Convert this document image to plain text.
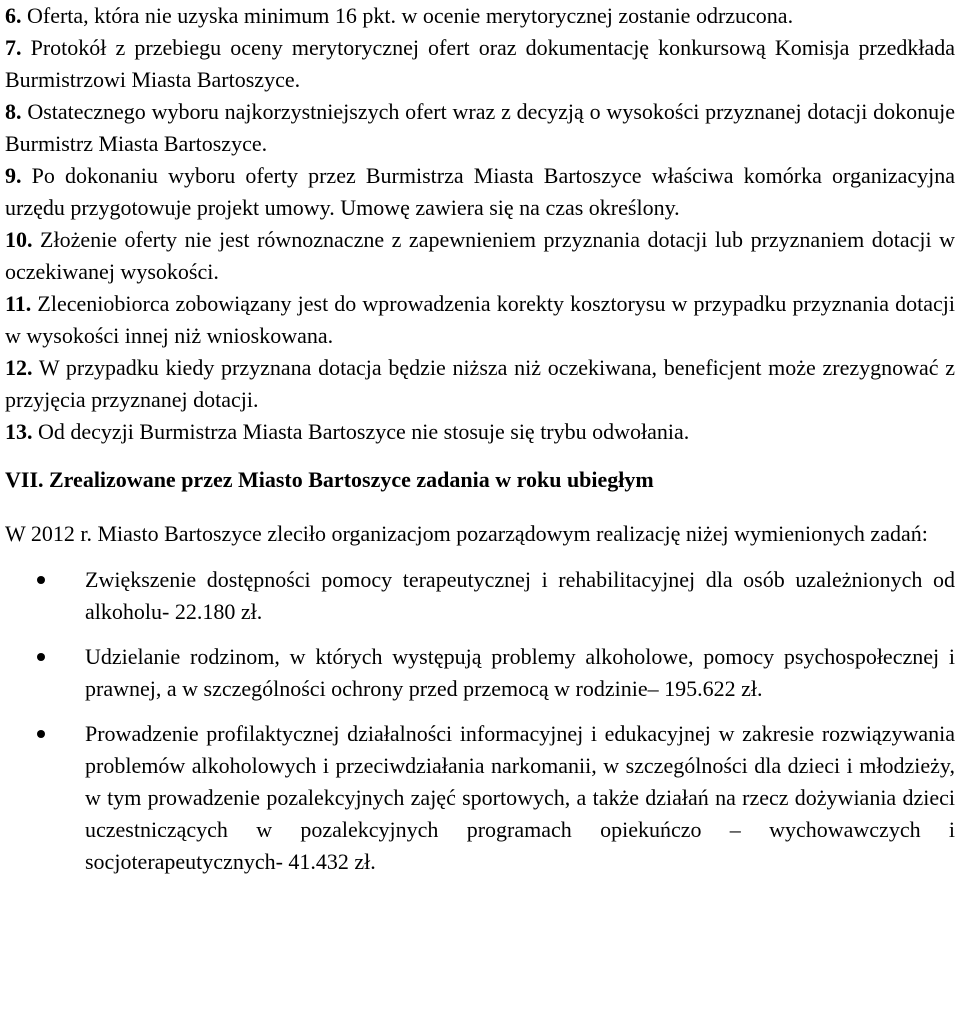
6. Oferta, która nie uzyska minimum 16 pkt. w ocenie merytorycznej zostanie odrzucona.

7. Protokół z przebiegu oceny merytorycznej ofert oraz dokumentację konkursową Komisja przedkłada Burmistrzowi Miasta Bartoszyce.

8. Ostatecznego wyboru najkorzystniejszych ofert wraz z decyzją o wysokości przyznanej dotacji dokonuje Burmistrz Miasta Bartoszyce.

9. Po dokonaniu wyboru oferty przez Burmistrza Miasta Bartoszyce właściwa komórka organizacyjna urzędu przygotowuje projekt umowy. Umowę zawiera się na czas określony.

10. Złożenie oferty nie jest równoznaczne z zapewnieniem przyznania dotacji lub przyznaniem dotacji w oczekiwanej wysokości.

11. Zleceniobiorca zobowiązany jest do wprowadzenia korekty kosztorysu w przypadku przyznania dotacji w wysokości innej niż wnioskowana.

12. W przypadku kiedy przyznana dotacja będzie niższa niż oczekiwana, beneficjent może zrezygnować z przyjęcia przyznanej dotacji.

13. Od decyzji Burmistrza Miasta Bartoszyce nie stosuje się trybu odwołania.

VII. Zrealizowane przez Miasto Bartoszyce zadania w roku ubiegłym

W 2012 r. Miasto Bartoszyce zleciło organizacjom pozarządowym realizację niżej wymienionych zadań:

Zwiększenie dostępności pomocy terapeutycznej i rehabilitacyjnej dla osób uzależnionych od alkoholu- 22.180 zł.
Udzielanie rodzinom, w których występują problemy alkoholowe, pomocy psychospołecznej i prawnej, a w szczególności ochrony przed przemocą w rodzinie– 195.622 zł.
Prowadzenie profilaktycznej działalności informacyjnej i edukacyjnej w zakresie rozwiązywania problemów alkoholowych i przeciwdziałania narkomanii, w szczególności dla dzieci i młodzieży, w tym prowadzenie pozalekcyjnych zajęć sportowych, a także działań na rzecz dożywiania dzieci uczestniczących w pozalekcyjnych programach opiekuńczo – wychowawczych i socjoterapeutycznych- 41.432 zł.
